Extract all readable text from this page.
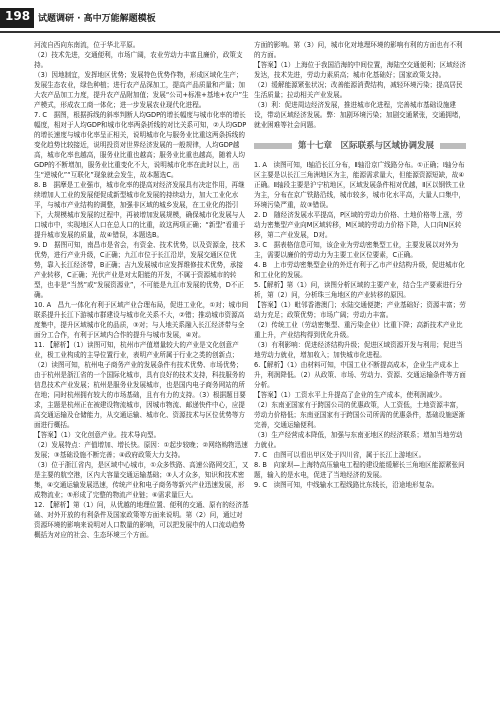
198 试题调研 · 高中万能解题模板

河流自西向东南流，位于华北平原。

（2）技术先进，交通便利，市场广阔，农业劳动力丰富且廉价，政策支持。

（3）因地制宜，发挥地区优势；发展特色优势作物，形成区域化生产；发展生态农业，绿色种植；进行农产品深加工，提高产品质量和产量；加大农产品加工力度，提升农产品附加值；发展“公司+标准+基地+农户”生产模式，形成农工商一体化；进一步发展农业现代化进程。

7. C　据图，根据拆线的斜率判断人均GDP的增长幅度与城市化率的增长幅度，相对于人均GDP和城市化率两条折线的对比关系可知，②人均GDP的增长速度与城市化率呈正相关，说明城市化与服务业比重这两条拆线的变化趋势比较接近，说明投资对世界经济发展的一般规律，人均GDP越高，城市化率也越高，服务业比重也越高；服务业比重也越高，随着人均GDP的不断增加，服务业比重变化不大，说明城市化率在此时以上，出生“逆城化”“互联化”现象就会发生，故本题选C。

8. B　据摩是工业强市，城市化率的提高对经济发展具有决定作用，再继续增加人工业的发展便促成新型城市化发展的持续动力，加大工业化水平，与城市产业结构的调整，加强非区域的城乡发展，在工业化的指引下，大规模城市发展的过程中，再被增加发展规模，确保城市化发展与人口城市中，实现地区人口在总人口的比重，故这两项正确；“新型”看重于提升城市发展的质量，故④错误，本题选B。

9. D　据图可知，南昌市是省会，有资金、技术优势，以及资源金，技术优势，进行产业升级，C正确；九江市位于长江沿岸，发展交通区位优势，靠入长江经济带，B正确；吉九发展城市应发挥维修技术优势，承接产业转移，C正确；光伏产业是对太阳能的开发，不属于资源城市的转型，也非是“当然”或“发展资源业”，不可能是九江市发展的优势，D不正确。

10. A　昌九一体化有利于区域产业合理布局，促进工业化，①对；城市间联系提升长江下游城市群建设与城市化关系不大，②错；推动城市资源高度集中，提升区域城市化的品质，③对；与人地关系融入长江经济带与全面分工合作，有利于区域内合作的提升与城市发展，④对。

11. 【解析】（1）读图可知，杭州市产值增量较大的产业是文化创意产业，极工业构成的主导位置行业，表明产业所属于行业之类的创新点；（2）读图可知，杭州电子商务产业的发展条件有技术优势、市场优势；由于杭州是浙江省的一个国际化城市，具有良好的技术支持，科技服务的信息技术产业发展；杭州是服务业发展城市，也是国内电子商务网站的所在地；同时杭州拥有较大的市场基础，且有有力的支持。（3）根据题目要求，主题是杭州正在被建设物流城市，因城市物流、邮递快件中心，应提高交通运输及仓储能力，从交通运输、城市化、资源技术与区位优势等方面进行概括。

【答案】（1）文化创意产业。技术导向型。

（2）发展特点：产值增加、增长快。原因：①起步较晚；②网络购物迅速发展；③基础设施不断完善；④政府政策大力支持。

（3）位于浙江省内，是区域中心城市，①众多铁路、高速公路网交汇，又是主要的航空港，区内大容量交通运输基础；③人才众多，知识和技术密集，④交通运输发展迅速，传统产业和电子商务等新兴产业迅速发展，形成物流业；⑤形成了完整的物流产业链；⑥需求量巨大。

12. 【解析】第（1）问，从优越的地理位置、便利的交通、原有的经济基础、对外开放的有利条件及国家政策等方面来说明。第（2）问，通过对资源环境的影响来说明对人口数量的影响，可以把发展中的人口流动趋势概括为对应的社会、生态环境三个方面。

方面的影响。第（3）问，城市化对地理环境的影响有利的方面也有不利的方面。

【答案】（1）上海位于我国沿海的中间位置，海陆空交通便利；区域经济发达，技术先进，劳动力素质高；城市化基础好；国家政策支持。

（2）缓解能源紧张状况；改善能源消费结构，减轻环境污染；提高居民生活质量；拉动相关产业发展。

（3）利：促进周边经济发展，推进城市化进程，完善城市基础设施建设，带动区域经济发展。弊：加剧环境污染；加剧交通紧张，交通拥堵，就业困难等社会问题。

第十七章　区际联系与区域协调发展

1. A　读图可知，Ⅰ轴沿长江分布，Ⅱ轴沿京广线路分布。①正确；Ⅰ轴分布区主要是以长江三角洲地区为主，能源需求量大，但能源资源短缺，故④正确。Ⅱ轴段主要是沪宁杭地区，区域发展条件相对优越，Ⅱ区以钢铁工业为主，分布在京广铁路沿线，城市较多，城市化水平高，大量人口集中，环境污染严重，故③错误。

2. D　随经济发展水平提高，P区域的劳动力价格、土地价格等上涨，劳动力密集型产业向M区域转移，M区域的劳动力价格下降，人口向N区转移，第二产业发展，D对。

3. C　据表格信息可知，该企业为劳动密集型工业，主要发展以对外为主，需要以廉价的劳动力为主要工业区位要素，C正确。

4. B　上市劳动密集型企业的外迁有利于乙市产业结构升级，促进城市化和工业化的发展。

5.【解析】第（1）问，读图分析区域的主要产业，结合生产要素进行分析，第（2）问，分析珠三角地区的产业转移的原因。

【答案】（1）毗邻香港澳门；水陆交通便捷；产业基础好；资源丰富；劳动力充足；政策优势；市场广阔；劳动力丰富。

（2）传统工业（劳动密集型、重污染企业）比重下降；高新技术产业比重上升，产业结构得到优化升级。

（3）有利影响：促进经济结构升级；促进区域资源开发与利用；促进当地劳动力就业，增加收入；加快城市化进程。

6.【解析】（1）由材料可知，中国工业不断提高成本，企业生产成本上升，利润降低。（2）从政策、市场、劳动力、资源、交通运输条件等方面分析。

【答案】（1）工资水平上升提高了企业的生产成本，使利润减少。

（2）东南亚国家有于跨国公司的优惠政策，人工资低，土地资源丰富，劳动力价格低；东南亚国家有于跨国公司所需的优惠条件，基础设施逐渐完善，交通运输便利。

（3）生产经营成本降低，加强与东南亚地区的经济联系；增加当地劳动力就业。

7. C　由图可以看出甲区处于四川省，属于长江上游地区。

8. B　向家坝—上海特高压输电工程的建设能缓解长三角地区能源紧张问题，输入的是水电，促进了当地经济的发展。

9. C　读图可知，中线输水工程线路比东线长，沿途地形复杂。
